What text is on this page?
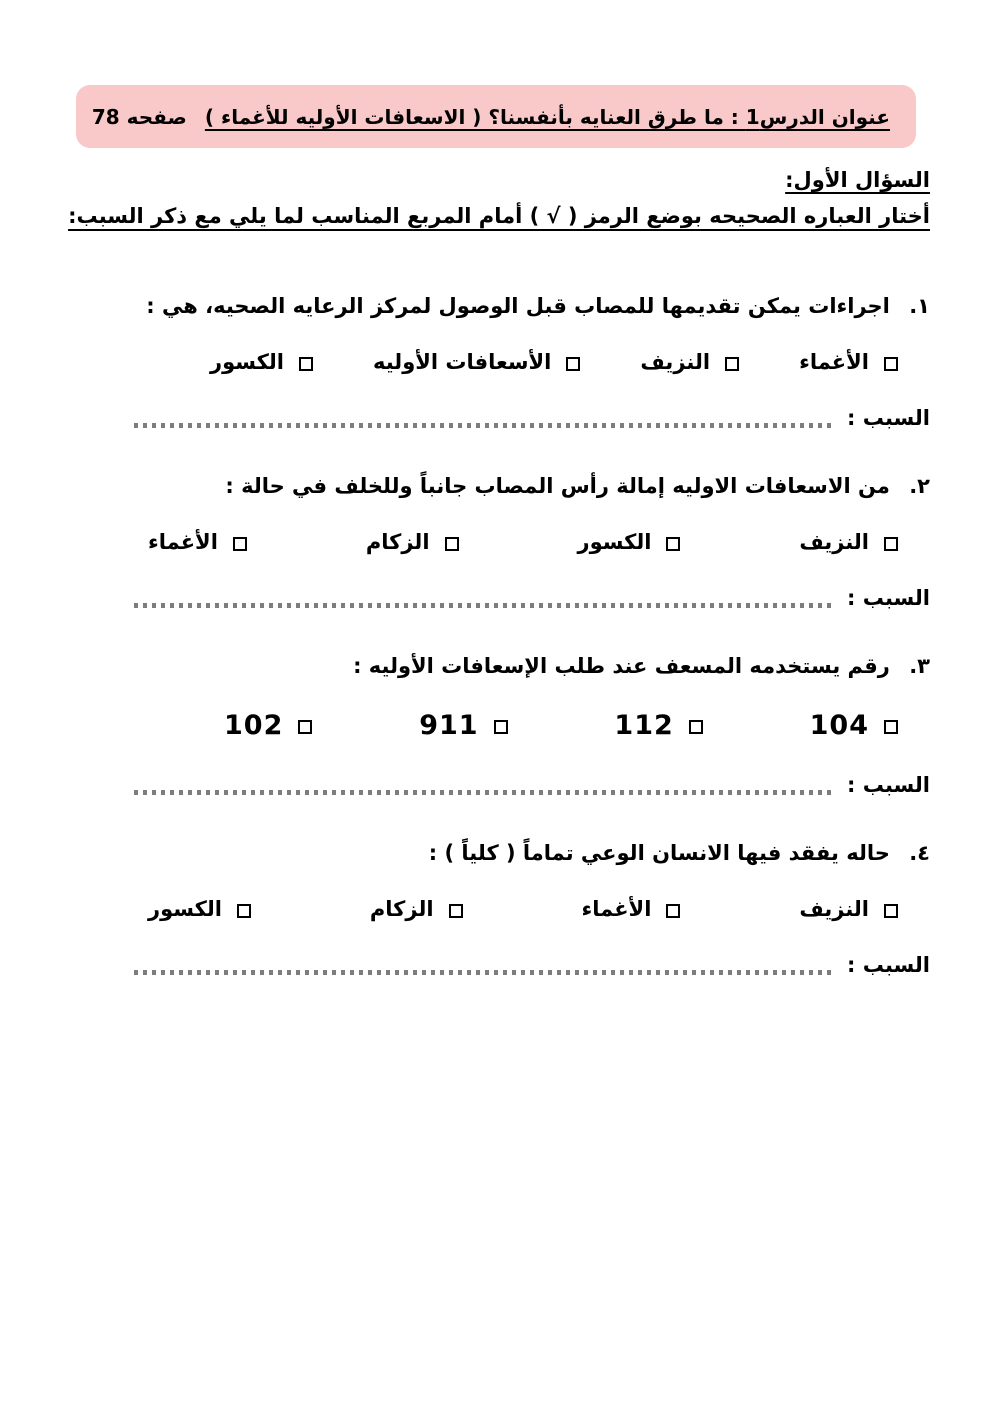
عنوان الدرس1 : ما طرق العنايه بأنفسنا؟ ( الاسعافات الأوليه للأغماء )
صفحه 78
السؤال الأول:
أختار العباره الصحيحه بوضع الرمز ( √ ) أمام المربع المناسب لما يلي مع ذكر السبب:
١. اجراءات يمكن تقديمها للمصاب قبل الوصول لمركز الرعايه الصحيه، هي :
الأغماء
النزيف
الأسعافات الأوليه
الكسور
السبب :
٢. من الاسعافات الاوليه إمالة رأس المصاب جانباً وللخلف في حالة :
النزيف
الكسور
الزكام
الأغماء
السبب :
٣. رقم يستخدمه المسعف عند طلب الإسعافات الأوليه :
104
112
911
102
السبب :
٤. حاله يفقد فيها الانسان الوعي تماماً ( كلياً ) :
النزيف
الأغماء
الزكام
الكسور
السبب :
